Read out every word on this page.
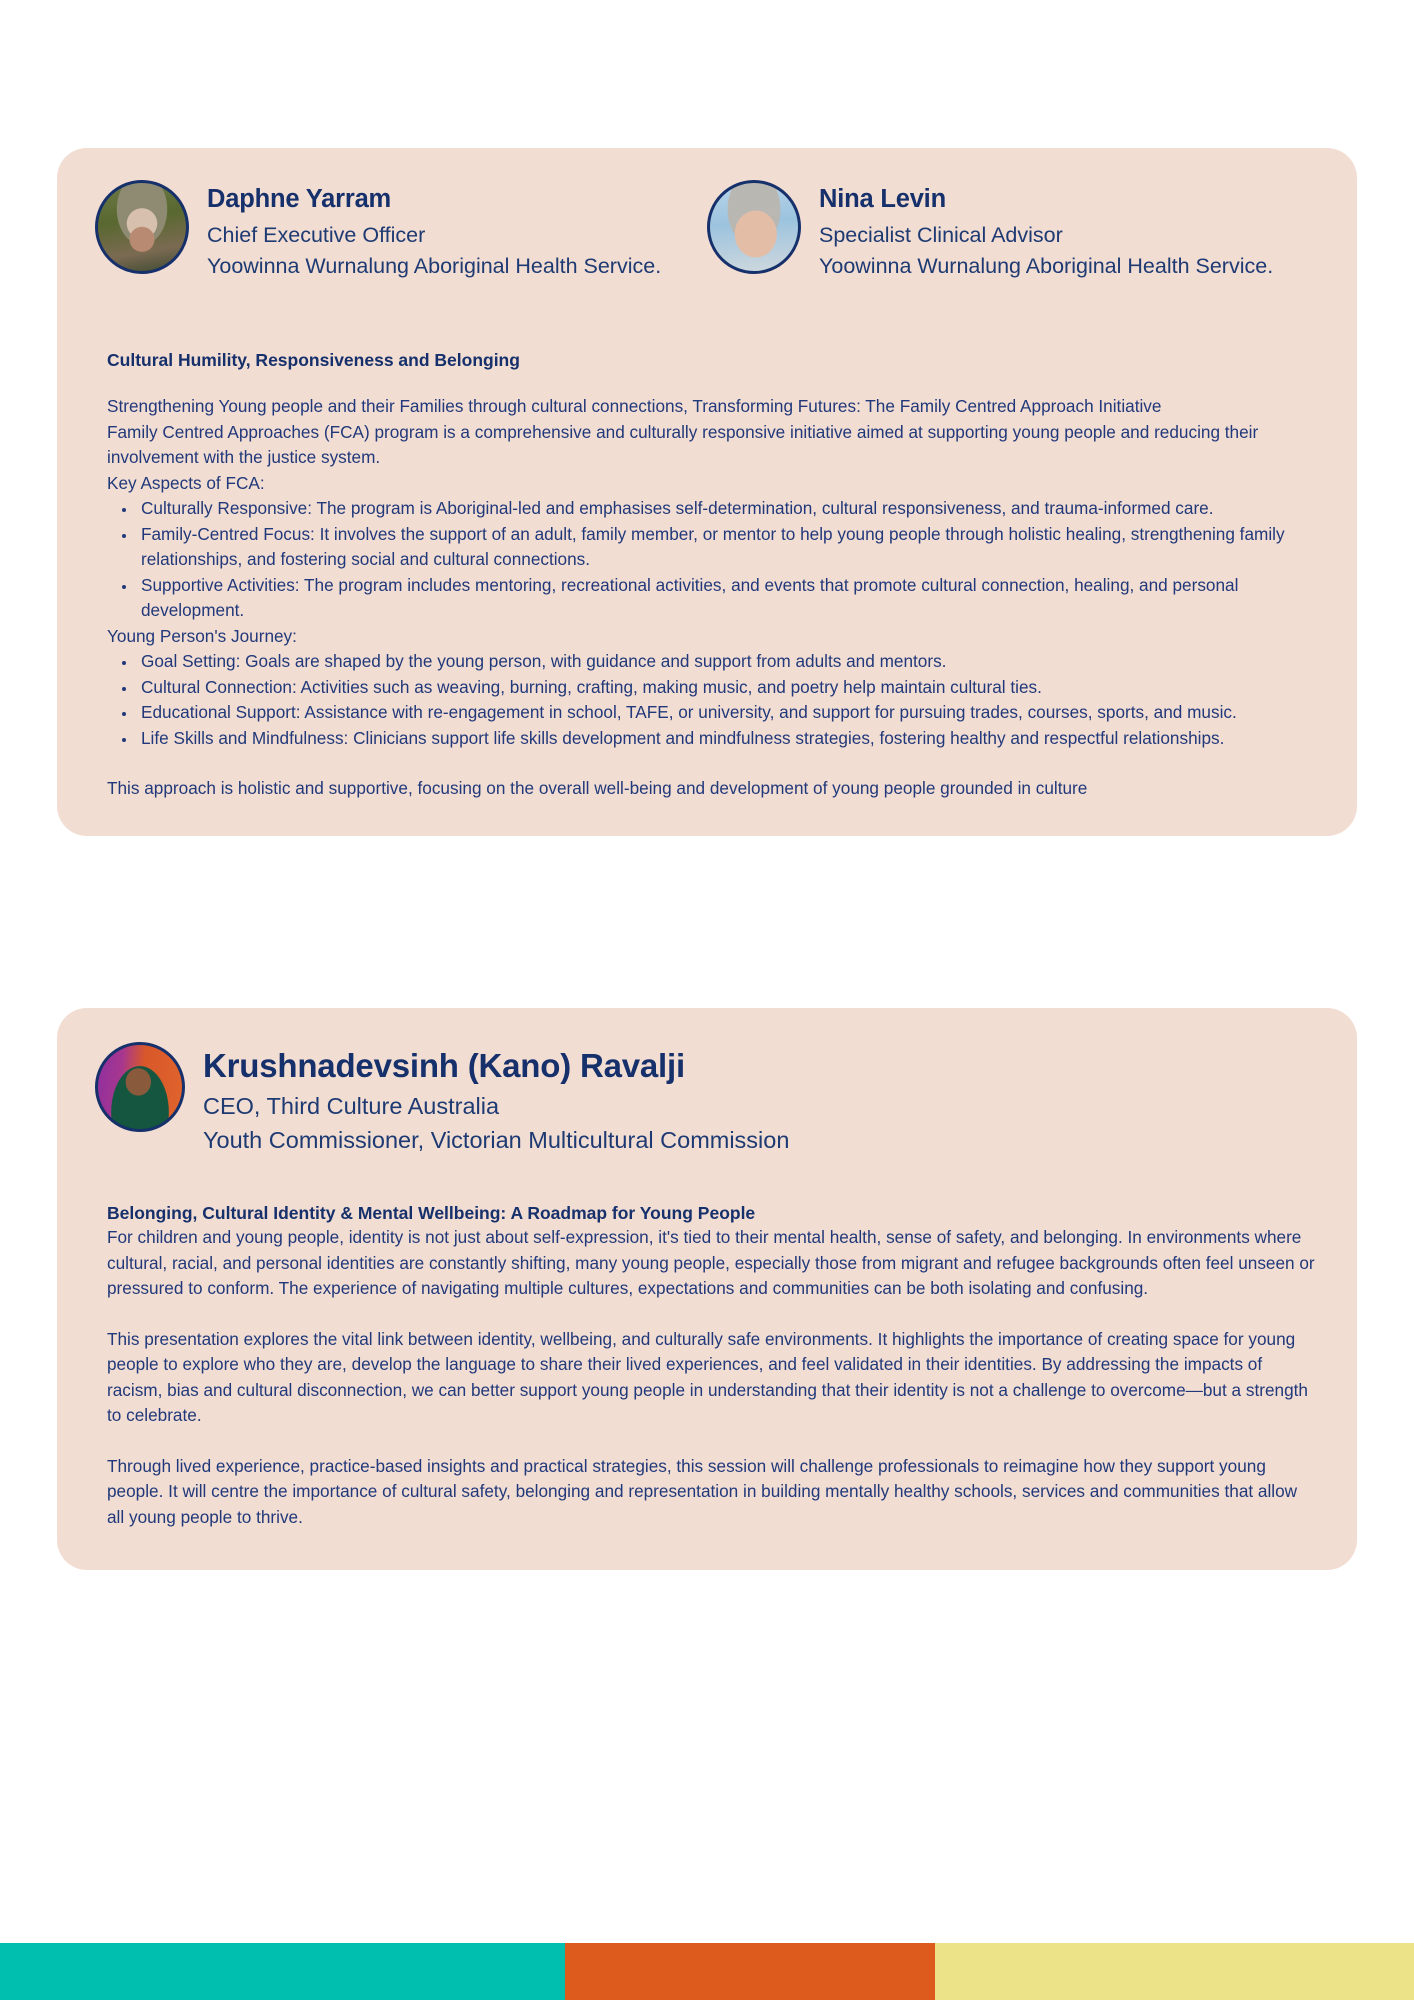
Daphne Yarram
Chief Executive Officer
Yoowinna Wurnalung Aboriginal Health Service.
Nina Levin
Specialist Clinical Advisor
Yoowinna Wurnalung Aboriginal Health Service.
Cultural Humility, Responsiveness and Belonging

Strengthening Young people and their Families through cultural connections, Transforming Futures: The Family Centred Approach Initiative

Family Centred Approaches (FCA) program is a comprehensive and culturally responsive initiative aimed at supporting young people and reducing their involvement with the justice system.

Key Aspects of FCA:

• Culturally Responsive: The program is Aboriginal-led and emphasises self-determination, cultural responsiveness, and trauma-informed care.
• Family-Centred Focus: It involves the support of an adult, family member, or mentor to help young people through holistic healing, strengthening family relationships, and fostering social and cultural connections.
• Supportive Activities: The program includes mentoring, recreational activities, and events that promote cultural connection, healing, and personal development.

Young Person's Journey:

• Goal Setting: Goals are shaped by the young person, with guidance and support from adults and mentors.
• Cultural Connection: Activities such as weaving, burning, crafting, making music, and poetry help maintain cultural ties.
• Educational Support: Assistance with re-engagement in school, TAFE, or university, and support for pursuing trades, courses, sports, and music.
• Life Skills and Mindfulness: Clinicians support life skills development and mindfulness strategies, fostering healthy and respectful relationships.

This approach is holistic and supportive, focusing on the overall well-being and development of young people grounded in culture

Krushnadevsinh (Kano) Ravalji
CEO, Third Culture Australia
Youth Commissioner, Victorian Multicultural Commission
Belonging, Cultural Identity & Mental Wellbeing: A Roadmap for Young People

For children and young people, identity is not just about self-expression, it's tied to their mental health, sense of safety, and belonging. In environments where cultural, racial, and personal identities are constantly shifting, many young people, especially those from migrant and refugee backgrounds often feel unseen or pressured to conform. The experience of navigating multiple cultures, expectations and communities can be both isolating and confusing.

This presentation explores the vital link between identity, wellbeing, and culturally safe environments. It highlights the importance of creating space for young people to explore who they are, develop the language to share their lived experiences, and feel validated in their identities. By addressing the impacts of racism, bias and cultural disconnection, we can better support young people in understanding that their identity is not a challenge to overcome—but a strength to celebrate.

Through lived experience, practice-based insights and practical strategies, this session will challenge professionals to reimagine how they support young people. It will centre the importance of cultural safety, belonging and representation in building mentally healthy schools, services and communities that allow all young people to thrive.
